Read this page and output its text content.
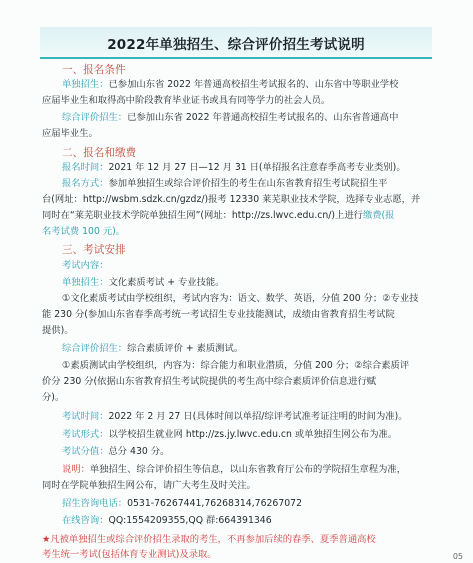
2022年单独招生、综合评价招生考试说明
一、报名条件
单独招生：已参加山东省 2022 年普通高校招生考试报名的、山东省中等职业学校
应届毕业生和取得高中阶段教育毕业证书或具有同等学力的社会人员。
综合评价招生：已参加山东省 2022 年普通高校招生考试报名的、山东省普通高中
应届毕业生。
二、报名和缴费
报名时间：2021 年 12 月 27 日—12 月 31 日(单招报名注意春季高考专业类别)。
报名方式：参加单独招生或综合评价招生的考生在山东省教育招生考试院招生平
台(网址：http://wsbm.sdzk.cn/gzdz/)报考 12330 莱芜职业技术学院，选择专业志愿，并
同时在“莱芜职业技术学院单独招生网”(网址：http://zs.lwvc.edu.cn/)上进行缴费(报
名考试费 100 元)。
三、考试安排
考试内容：
单独招生：文化素质考试 + 专业技能。
①文化素质考试由学校组织，考试内容为：语文、数学、英语，分值 200 分；②专业技
能 230 分(参加山东省春季高考统一考试招生专业技能测试，成绩由省教育招生考试院
提供)。
综合评价招生：综合素质评价 + 素质测试。
①素质测试由学校组织，内容为：综合能力和职业潜质，分值 200 分；②综合素质评
价分 230 分(依据山东省教育招生考试院提供的考生高中综合素质评价信息进行赋
分)。
考试时间：2022 年 2 月 27 日(具体时间以单招/综评考试准考证注明的时间为准)。
考试形式：以学校招生就业网 http://zs.jy.lwvc.edu.cn 或单独招生网公布为准。
考试分值：总分 430 分。
说明：单独招生、综合评价招生等信息，以山东省教育厅公布的学院招生章程为准，
同时在学院单独招生网公布，请广大考生及时关注。
招生咨询电话：0531-76267441,76268314,76267072
在线咨询：QQ:1554209355,QQ 群:664391346
★凡被单独招生或综合评价招生录取的考生，不再参加后续的春季、夏季普通高校
考生统一考试(包括体育专业测试)及录取。	05
